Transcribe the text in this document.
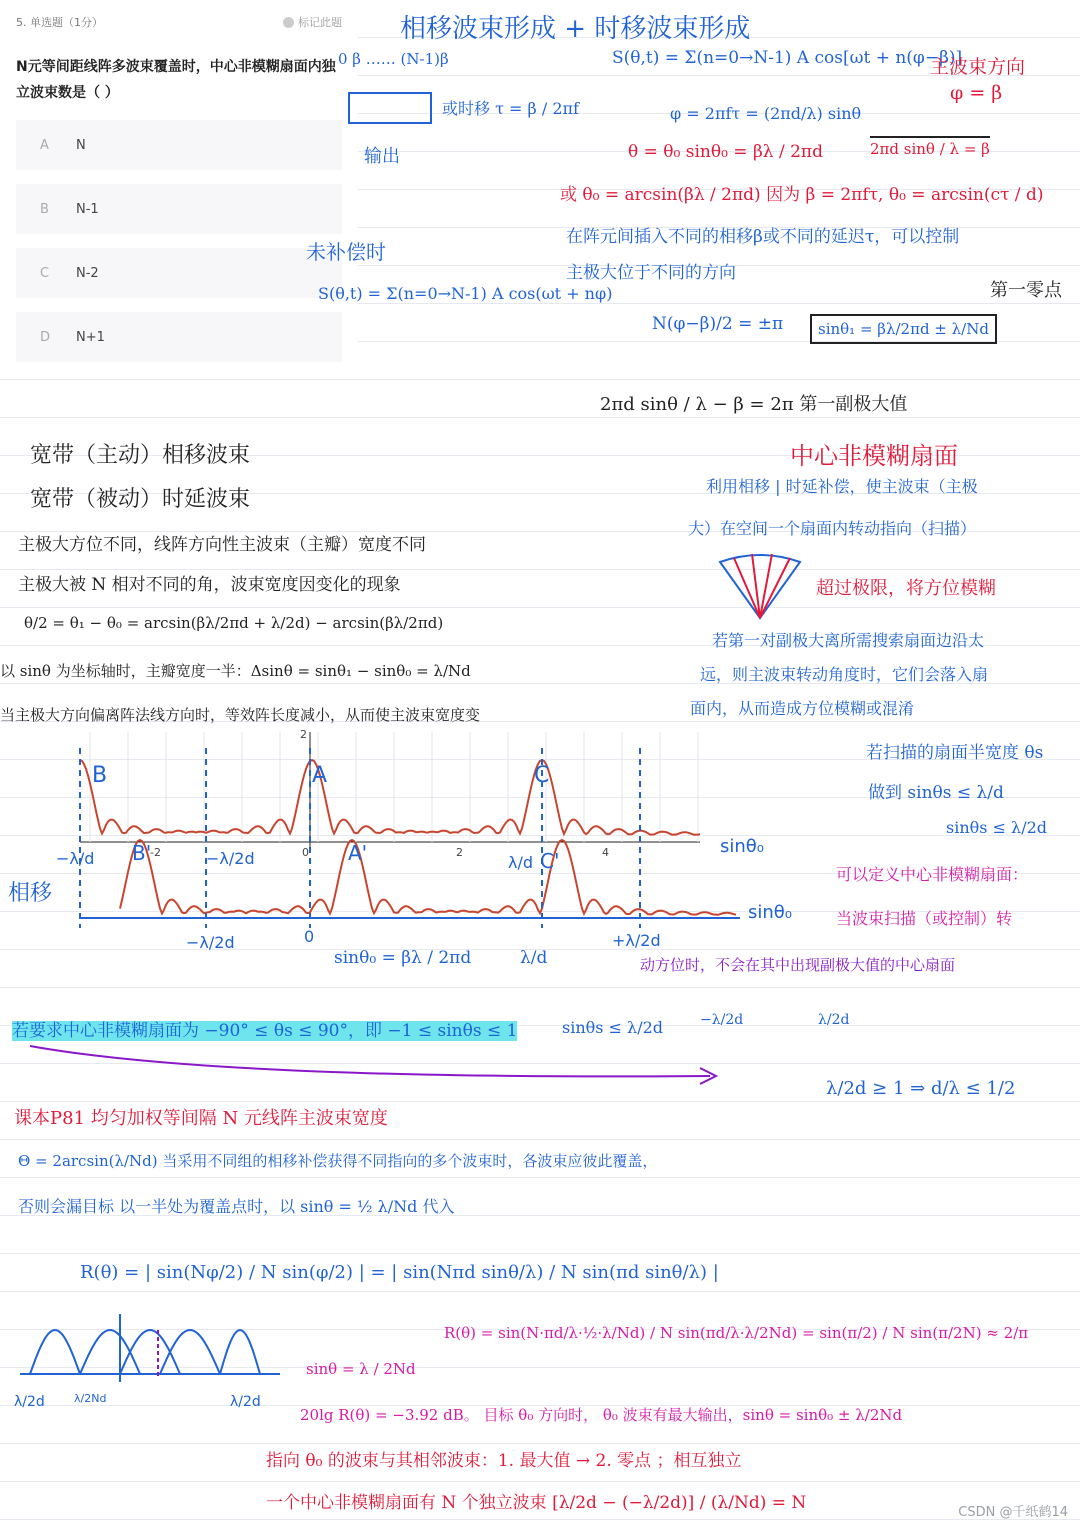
5. 单选题（1分）	标记此题
N元等间距线阵多波束覆盖时，中心非模糊扇面内独立波束数是（ ）
A N
B N-1
C N-2
D N+1
相移波束形成 + 时移波束形成
0 β …… (N-1)β	S(θ,t) = Σ(n=0→N-1) A cos[ωt + n(φ−β)]
主波束方向
φ = β
或时移 τ = β / 2πf	φ = 2πfτ = (2πd/λ) sinθ
输出	θ = θ₀ sinθ₀ = βλ / 2πd	2πd sinθ / λ = β
或 θ₀ = arcsin(βλ / 2πd) 因为 β = 2πfτ, θ₀ = arcsin(cτ / d)
在阵元间插入不同的相移β或不同的延迟τ，可以控制
主极大位于不同的方向
未补偿时
S(θ,t) = Σ(n=0→N-1) A cos(ωt + nφ)	第一零点
N(φ−β)/2 = ±π	sinθ₁ = βλ/2πd ± λ/Nd
2πd sinθ / λ − β = 2π 第一副极大值
宽带（主动）相移波束
宽带（被动）时延波束
中心非模糊扇面
利用相移 | 时延补偿，使主波束（主极
大）在空间一个扇面内转动指向（扫描）
主极大方位不同，线阵方向性主波束（主瓣）宽度不同
主极大被 N 相对不同的角，波束宽度因变化的现象	超过极限，将方位模糊
θ/2 = θ₁ − θ₀ = arcsin(βλ/2πd + λ/2d) − arcsin(βλ/2πd)
若第一对副极大离所需搜索扇面边沿太
远，则主波束转动角度时，它们会落入扇
面内，从而造成方位模糊或混淆
以 sinθ 为坐标轴时，主瓣宽度一半：Δsinθ = sinθ₁ − sinθ₀ = λ/Nd
当主极大方向偏离阵法线方向时，等效阵长度减小，从而使主波束宽度变
若扫描的扇面半宽度 θs
做到 sinθs ≤ λ/d
sinθs ≤ λ/2d
可以定义中心非模糊扇面：
当波束扫描（或控制）转
动方位时，不会在其中出现副极大值的中心扇面
B	A	C
B'	A'	C'
-2	0	2	4
2
sinθ₀
sinθ₀
−λ/d	−λ/2d	λ/d
−λ/2d	0	+λ/2d
相移
sinθ₀ = βλ / 2πd	λ/d
若要求中心非模糊扇面为 −90° ≤ θs ≤ 90°，即 −1 ≤ sinθs ≤ 1	sinθs ≤ λ/2d	−λ/2d	λ/2d
λ/2d ≥ 1 ⇒ d/λ ≤ 1/2
课本P81 均匀加权等间隔 N 元线阵主波束宽度
Θ = 2arcsin(λ/Nd) 当采用不同组的相移补偿获得不同指向的多个波束时，各波束应彼此覆盖，
否则会漏目标 以一半处为覆盖点时，以 sinθ = ½ λ/Nd 代入
R(θ) = | sin(Nφ/2) / N sin(φ/2) | = | sin(Nπd sinθ/λ) / N sin(πd sinθ/λ) |
λ/2d	λ/2Nd	λ/2d
sinθ = λ / 2Nd
R(θ) = sin(N·πd/λ·½·λ/Nd) / N sin(πd/λ·λ/2Nd) = sin(π/2) / N sin(π/2N) ≈ 2/π
20lg R(θ) = −3.92 dB。 目标 θ₀ 方向时， θ₀ 波束有最大输出，sinθ = sinθ₀ ± λ/2Nd
指向 θ₀ 的波束与其相邻波束：1. 最大值 → 2. 零点 ；相互独立
一个中心非模糊扇面有 N 个独立波束 [λ/2d − (−λ/2d)] / (λ/Nd) = N	CSDN @千纸鹤14
